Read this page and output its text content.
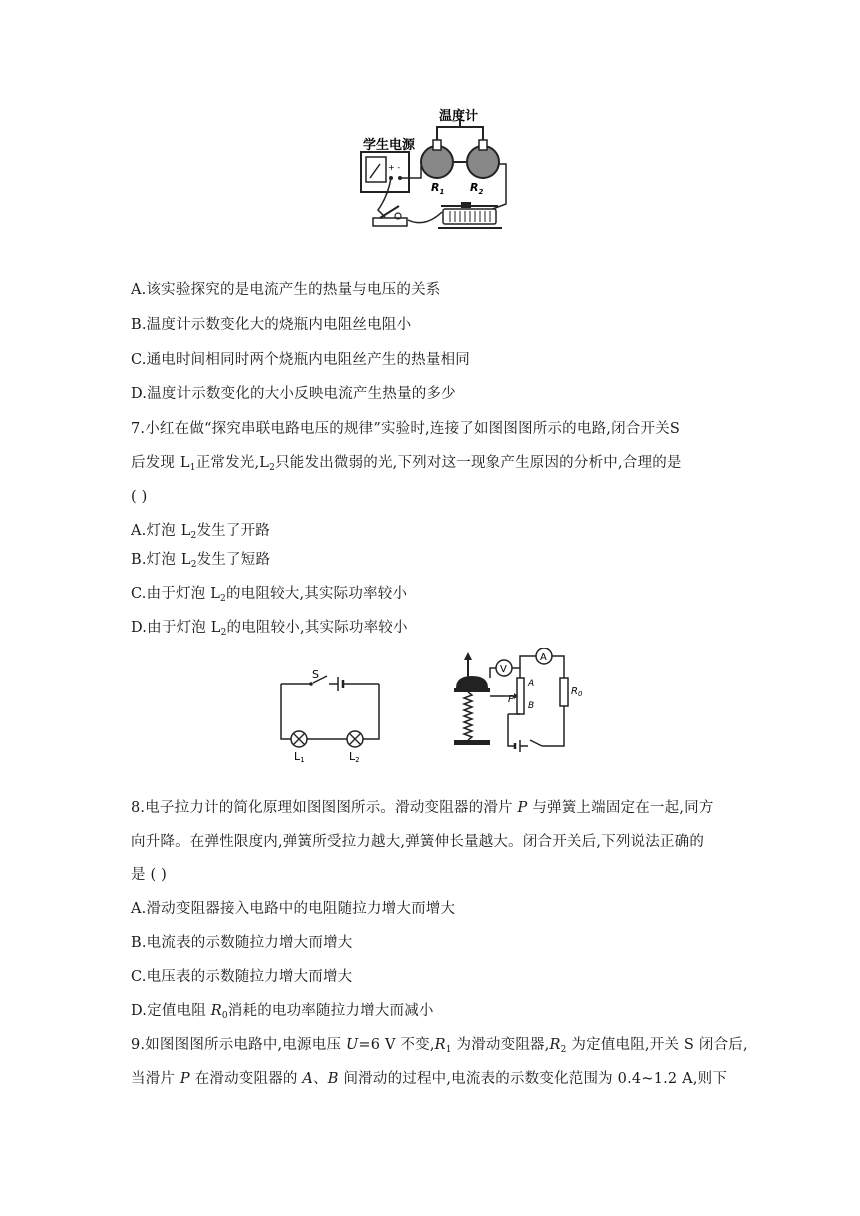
学生电源
温度计
+ -
$R_1$ $R_2$
A.该实验探究的是电流产生的热量与电压的关系
B.温度计示数变化大的烧瓶内电阻丝电阻小
C.通电时间相同时两个烧瓶内电阻丝产生的热量相同
D.温度计示数变化的大小反映电流产生热量的多少
7.小红在做“探究串联电路电压的规律”实验时,连接了如图图图所示的电路,闭合开关S
后发现 $L_1$正常发光$,L_2$只能发出微弱的光,下列对这一现象产生原因的分析中,合理的是
( )
A.灯泡 $L_2$发生了开路
B.灯泡 $L_2$发生了短路
C.由于灯泡 $L_2$的电阻较大,其实际功率较小
D.由于灯泡 $L_2$的电阻较小,其实际功率较小
S
L1	L2
V
A
A
B
P
$R_0$
8.电子拉力计的简化原理如图图图所示。滑动变阻器的滑片 P 与弹簧上端固定在一起,同方
向升降。在弹性限度内,弹簧所受拉力越大,弹簧伸长量越大。闭合开关后,下列说法正确的
是 ( )
A.滑动变阻器接入电路中的电阻随拉力增大而增大
B.电流表的示数随拉力增大而增大
C.电压表的示数随拉力增大而增大
D.定值电阻 $R_0$消耗的电功率随拉力增大而减小
9.如图图图所示电路中,电源电压 U=6 V 不变$,R_1$ 为滑动变阻器$,R_2$ 为定值电阻,开关 S 闭合后,
当滑片 P 在滑动变阻器的 A、B 间滑动的过程中,电流表的示数变化范围为 0.4~1.2 A,则下
